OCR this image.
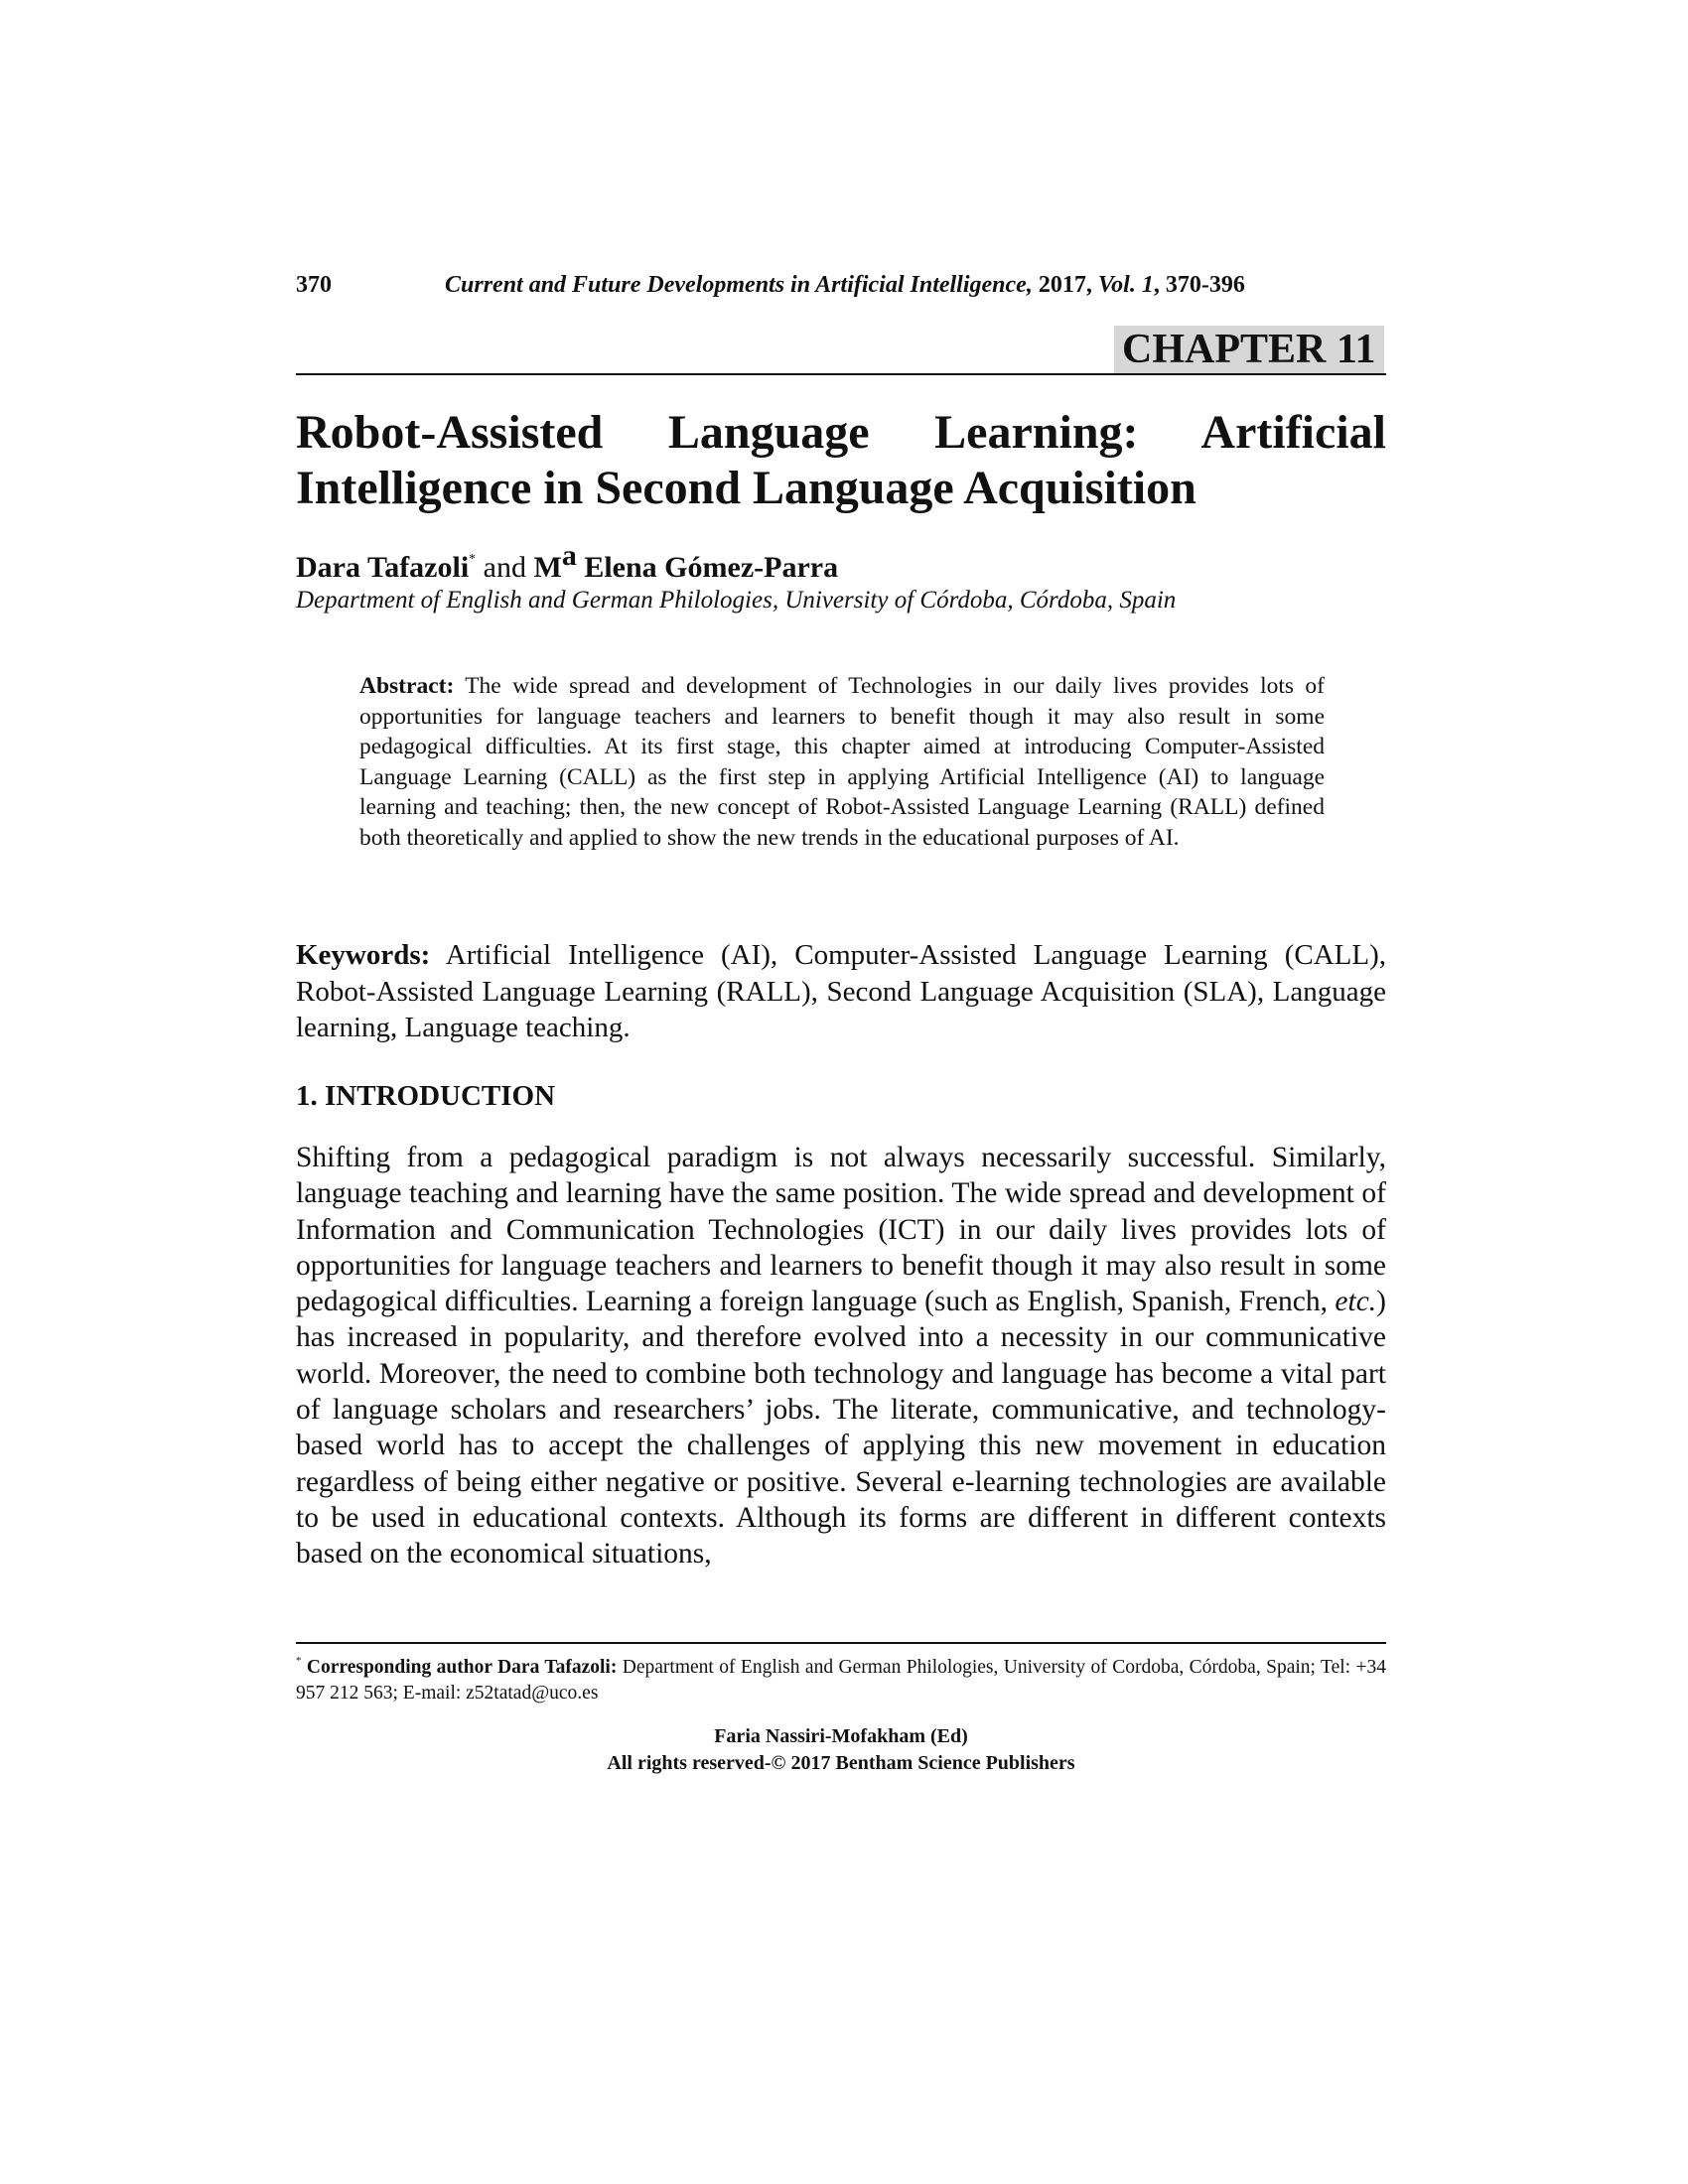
370	Current and Future Developments in Artificial Intelligence, 2017, Vol. 1, 370-396
CHAPTER 11
Robot-Assisted Language Learning: Artificial Intelligence in Second Language Acquisition
Dara Tafazoli* and Ma Elena Gómez-Parra
Department of English and German Philologies, University of Córdoba, Córdoba, Spain

Abstract: The wide spread and development of Technologies in our daily lives provides lots of opportunities for language teachers and learners to benefit though it may also result in some pedagogical difficulties. At its first stage, this chapter aimed at introducing Computer-Assisted Language Learning (CALL) as the first step in applying Artificial Intelligence (AI) to language learning and teaching; then, the new concept of Robot-Assisted Language Learning (RALL) defined both theoretically and applied to show the new trends in the educational purposes of AI.

Keywords: Artificial Intelligence (AI), Computer-Assisted Language Learning (CALL), Robot-Assisted Language Learning (RALL), Second Language Acquisition (SLA), Language learning, Language teaching.

1. INTRODUCTION

Shifting from a pedagogical paradigm is not always necessarily successful. Similarly, language teaching and learning have the same position. The wide spread and development of Information and Communication Technologies (ICT) in our daily lives provides lots of opportunities for language teachers and learners to benefit though it may also result in some pedagogical difficulties. Learning a foreign language (such as English, Spanish, French, etc.) has increased in popularity, and therefore evolved into a necessity in our communicative world. Moreover, the need to combine both technology and language has become a vital part of language scholars and researchers’ jobs. The literate, communicative, and technology-based world has to accept the challenges of applying this new movement in education regardless of being either negative or positive. Several e-learning technologies are available to be used in educational contexts. Although its forms are different in different contexts based on the economical situations,

* Corresponding author Dara Tafazoli: Department of English and German Philologies, University of Cordoba, Córdoba, Spain; Tel: +34 957 212 563; E-mail: z52tatad@uco.es

Faria Nassiri-Mofakham (Ed)
All rights reserved-© 2017 Bentham Science Publishers
